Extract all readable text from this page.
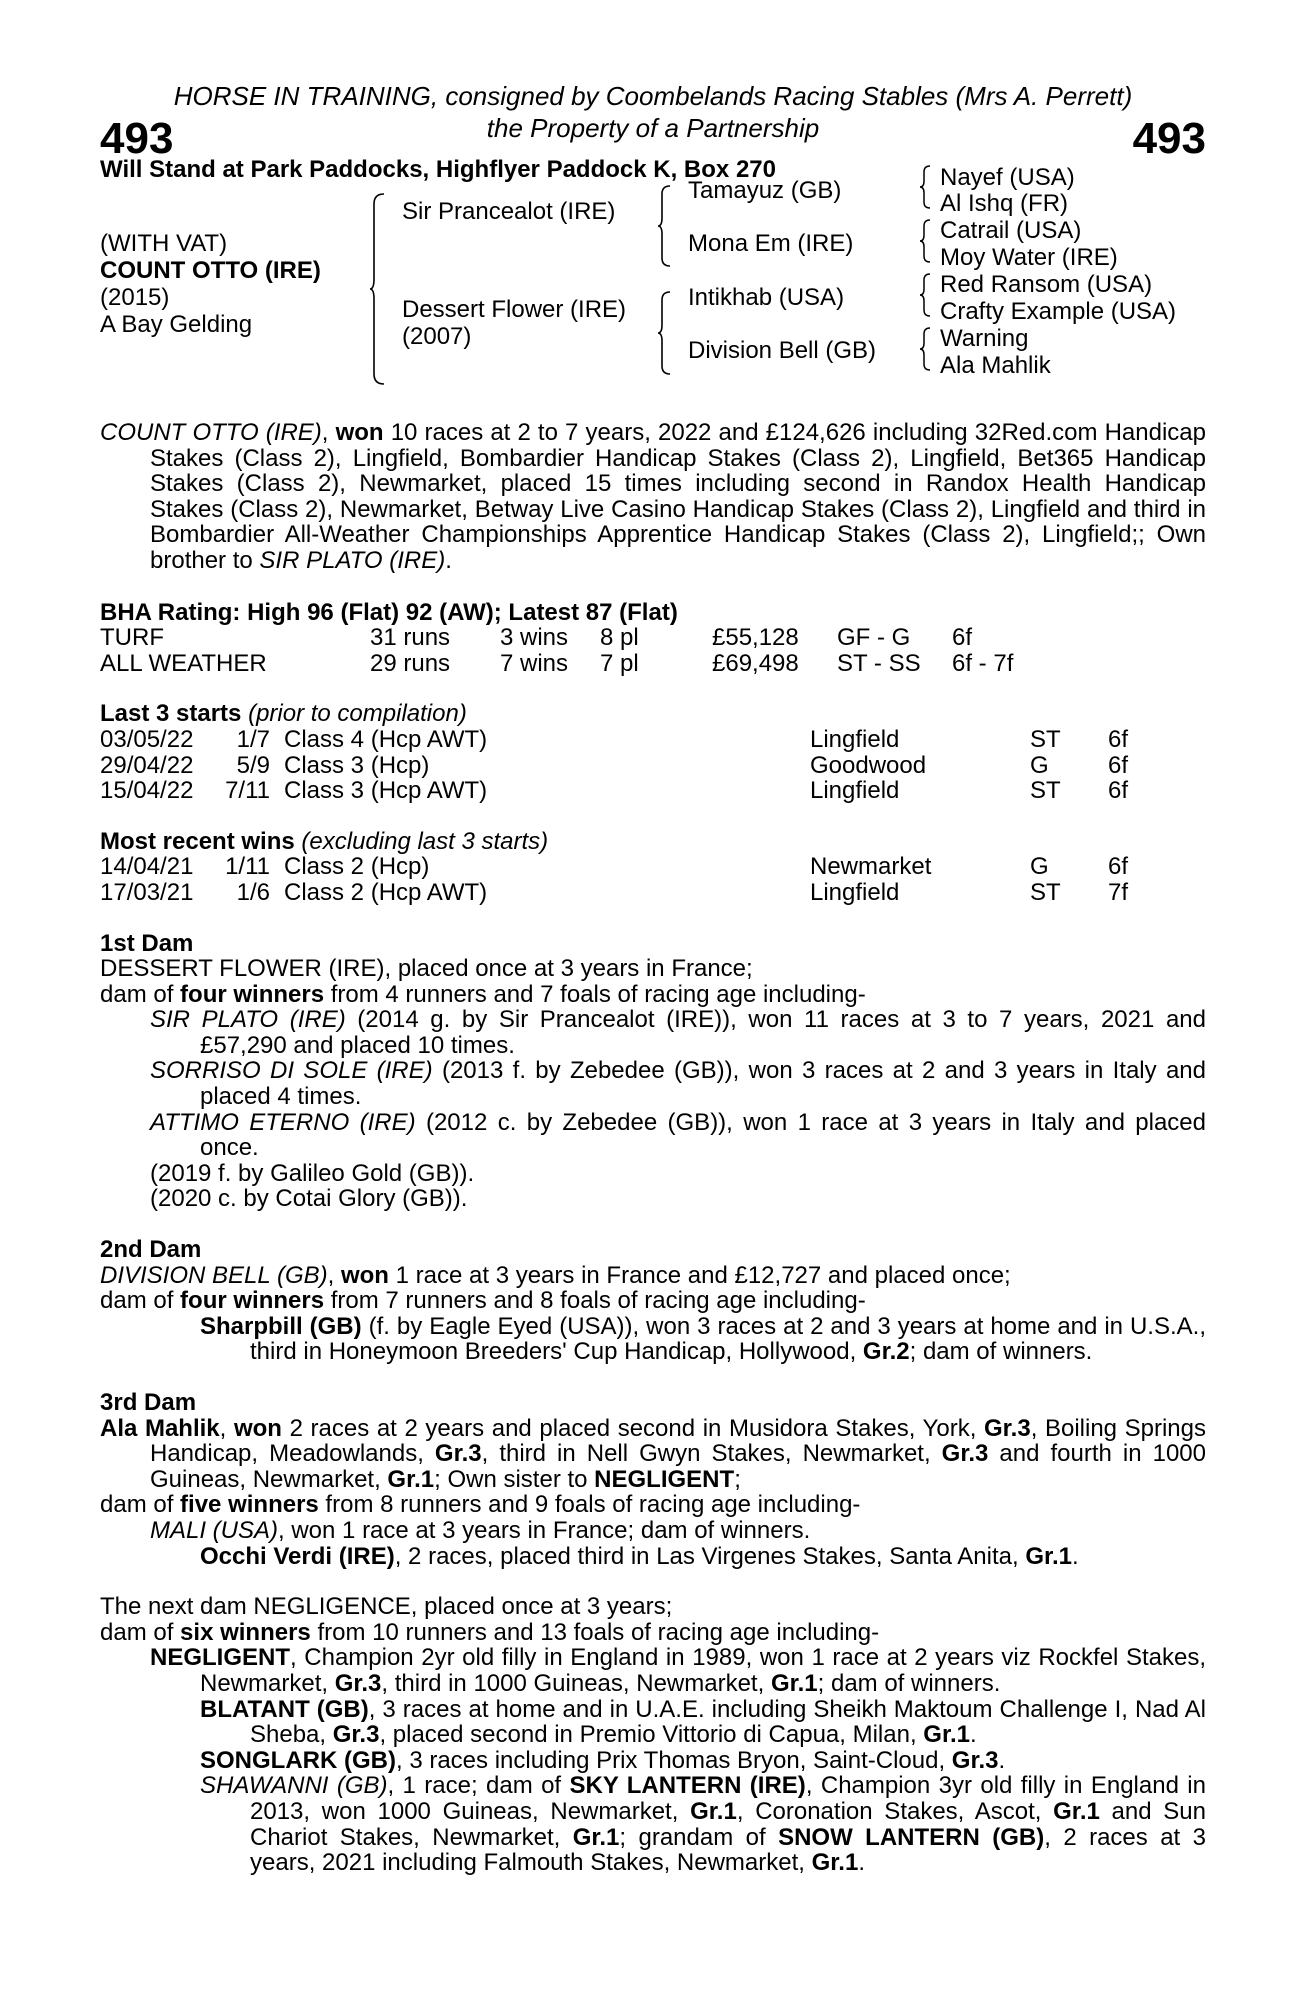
HORSE IN TRAINING, consigned by Coombelands Racing Stables (Mrs A. Perrett)
the Property of a Partnership
493	493
Will Stand at Park Paddocks, Highflyer Paddock K, Box 270
(WITH VAT)
COUNT OTTO (IRE)
(2015)
A Bay Gelding
Sir Prancealot (IRE)
Dessert Flower (IRE)
(2007)
Tamayuz (GB)
Mona Em (IRE)
Intikhab (USA)
Division Bell (GB)
Nayef (USA)
Al Ishq (FR)
Catrail (USA)
Moy Water (IRE)
Red Ransom (USA)
Crafty Example (USA)
Warning
Ala Mahlik
COUNT OTTO (IRE), won 10 races at 2 to 7 years, 2022 and £124,626 including 32Red.com Handicap Stakes (Class 2), Lingfield, Bombardier Handicap Stakes (Class 2), Lingfield, Bet365 Handicap Stakes (Class 2), Newmarket, placed 15 times including second in Randox Health Handicap Stakes (Class 2), Newmarket, Betway Live Casino Handicap Stakes (Class 2), Lingfield and third in Bombardier All-Weather Championships Apprentice Handicap Stakes (Class 2), Lingfield;; Own brother to SIR PLATO (IRE).
BHA Rating: High 96 (Flat) 92 (AW); Latest 87 (Flat)
TURF	31 runs	3 wins	8 pl	£55,128	GF - G	6f
ALL WEATHER	29 runs	7 wins	7 pl	£69,498	ST - SS	6f - 7f
Last 3 starts (prior to compilation)
03/05/22	1/7 Class 4 (Hcp AWT)	Lingfield	ST	6f
29/04/22	5/9 Class 3 (Hcp)	Goodwood	G	6f
15/04/22	7/11 Class 3 (Hcp AWT)	Lingfield	ST	6f
Most recent wins (excluding last 3 starts)
14/04/21	1/11 Class 2 (Hcp)	Newmarket	G	6f
17/03/21	1/6 Class 2 (Hcp AWT)	Lingfield	ST	7f

1st Dam

DESSERT FLOWER (IRE), placed once at 3 years in France;

dam of four winners from 4 runners and 7 foals of racing age including-

SIR PLATO (IRE) (2014 g. by Sir Prancealot (IRE)), won 11 races at 3 to 7 years, 2021 and £57,290 and placed 10 times.

SORRISO DI SOLE (IRE) (2013 f. by Zebedee (GB)), won 3 races at 2 and 3 years in Italy and placed 4 times.

ATTIMO ETERNO (IRE) (2012 c. by Zebedee (GB)), won 1 race at 3 years in Italy and placed once.

(2019 f. by Galileo Gold (GB)).

(2020 c. by Cotai Glory (GB)).

2nd Dam

DIVISION BELL (GB), won 1 race at 3 years in France and £12,727 and placed once;

dam of four winners from 7 runners and 8 foals of racing age including-

Sharpbill (GB) (f. by Eagle Eyed (USA)), won 3 races at 2 and 3 years at home and in U.S.A., third in Honeymoon Breeders' Cup Handicap, Hollywood, Gr.2; dam of winners.

3rd Dam

Ala Mahlik, won 2 races at 2 years and placed second in Musidora Stakes, York, Gr.3, Boiling Springs Handicap, Meadowlands, Gr.3, third in Nell Gwyn Stakes, Newmarket, Gr.3 and fourth in 1000 Guineas, Newmarket, Gr.1; Own sister to NEGLIGENT;

dam of five winners from 8 runners and 9 foals of racing age including-

MALI (USA), won 1 race at 3 years in France; dam of winners.

Occhi Verdi (IRE), 2 races, placed third in Las Virgenes Stakes, Santa Anita, Gr.1.

The next dam NEGLIGENCE, placed once at 3 years;

dam of six winners from 10 runners and 13 foals of racing age including-

NEGLIGENT, Champion 2yr old filly in England in 1989, won 1 race at 2 years viz Rockfel Stakes, Newmarket, Gr.3, third in 1000 Guineas, Newmarket, Gr.1; dam of winners.

BLATANT (GB), 3 races at home and in U.A.E. including Sheikh Maktoum Challenge I, Nad Al Sheba, Gr.3, placed second in Premio Vittorio di Capua, Milan, Gr.1.

SONGLARK (GB), 3 races including Prix Thomas Bryon, Saint-Cloud, Gr.3.

SHAWANNI (GB), 1 race; dam of SKY LANTERN (IRE), Champion 3yr old filly in England in 2013, won 1000 Guineas, Newmarket, Gr.1, Coronation Stakes, Ascot, Gr.1 and Sun Chariot Stakes, Newmarket, Gr.1; grandam of SNOW LANTERN (GB), 2 races at 3 years, 2021 including Falmouth Stakes, Newmarket, Gr.1.
